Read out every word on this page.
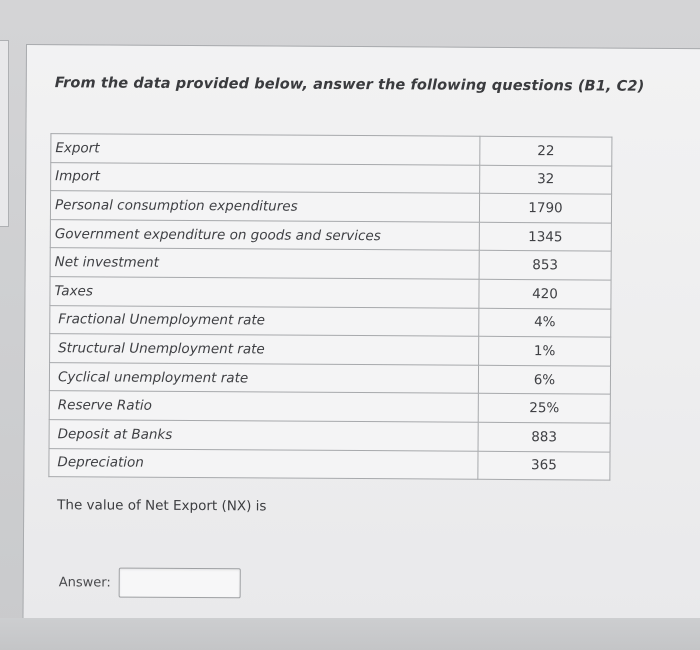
From the data provided below, answer the following questions (B1, C2)
Export	22
Import	32
Personal consumption expenditures	1790
Government expenditure on goods and services	1345
Net investment	853
Taxes	420
Fractional Unemployment rate	4%
Structural Unemployment rate	1%
Cyclical unemployment rate	6%
Reserve Ratio	25%
Deposit at Banks	883
Depreciation	365
The value of Net Export (NX) is
Answer:
